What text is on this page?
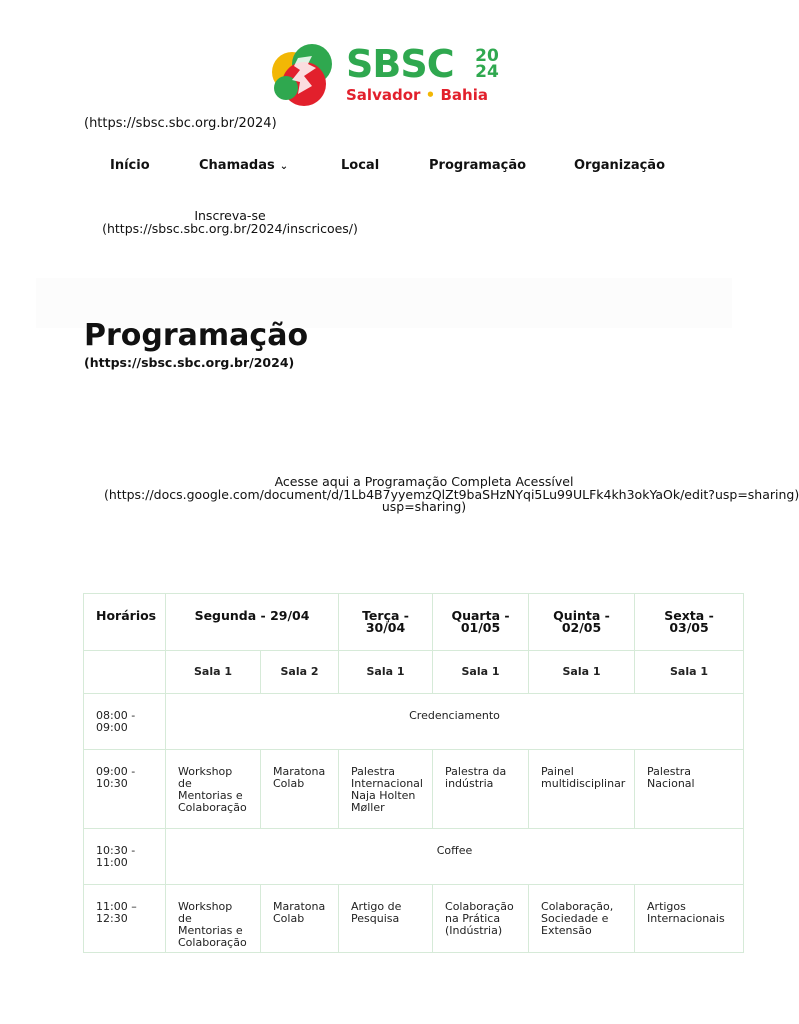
SBSC 20
24
Salvador • Bahia
(https://sbsc.sbc.org.br/2024)
Início	Chamadas ⌄	Local	Programação	Organização
Inscreva-se
(https://sbsc.sbc.org.br/2024/inscricoes/)
Programação
(https://sbsc.sbc.org.br/2024)
Acesse aqui a Programação Completa Acessível
(https://docs.google.com/document/d/1Lb4B7yyemzQlZt9baSHzNYqi5Lu99ULFk4kh3okYaOk/edit?usp=sharing)
usp=sharing)
Horários	Segunda - 29/04		Terça - 30/04	Quarta - 01/05	Quinta - 02/05	Sexta - 03/05
	Sala 1	Sala 2	Sala 1	Sala 1	Sala 1	Sala 1
08:00 - 09:00	Credenciamento					
09:00 - 10:30	Workshop de Mentorias e Colaboração	Maratona Colab	Palestra Internacional Naja Holten Møller	Palestra da indústria	Painel multidisciplinar	Palestra Nacional
10:30 - 11:00	Coffee					
11:00 – 12:30	Workshop de Mentorias e Colaboração	Maratona Colab	Artigo de Pesquisa	Colaboração na Prática (Indústria)	Colaboração, Sociedade e Extensão	Artigos Internacionais
